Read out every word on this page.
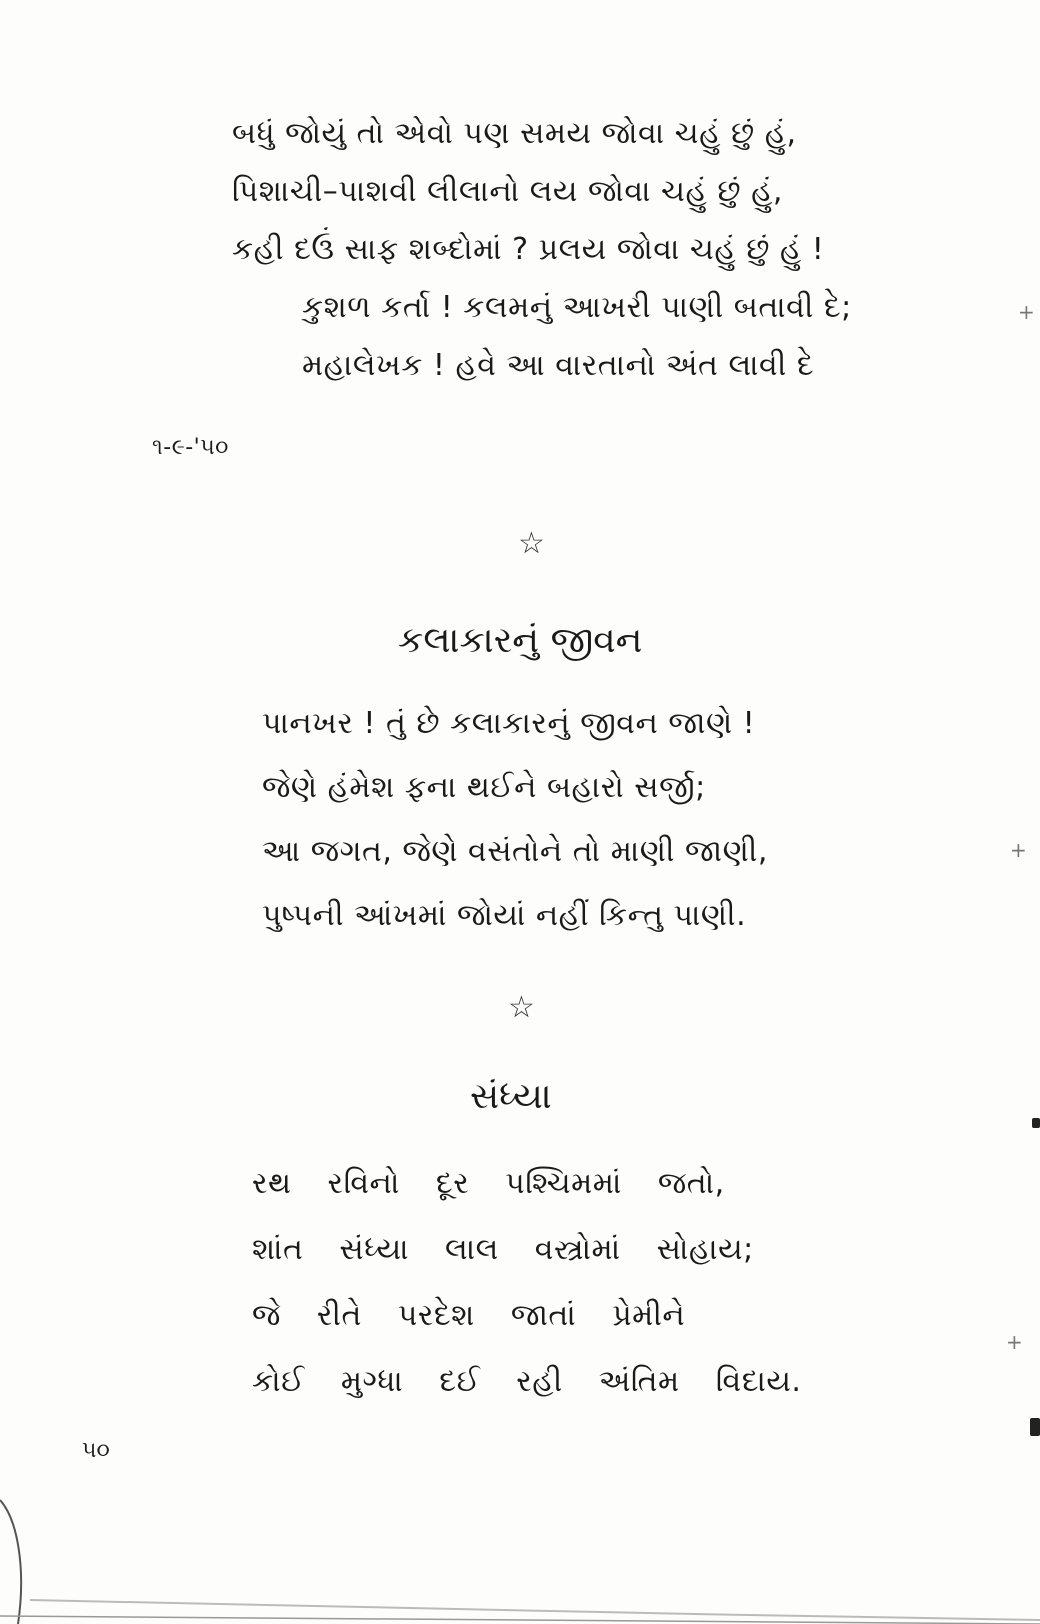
બધું જોયું તો એવો પણ સમય જોવા ચહું છું હું,
પિશાચી–પાશવી લીલાનો લય જોવા ચહું છું હું,
કહી દઉં સાફ શબ્દોમાં ? પ્રલય જોવા ચહું છું હું !
કુશળ કર્તા ! કલમનું આખરી પાણી બતાવી દે;
મહાલેખક ! હવે આ વારતાનો અંત લાવી દે
૧-૯-'૫૦
☆
કલાકારનું જીવન
પાનખર ! તું છે કલાકારનું જીવન જાણે !
જેણે હંમેશ ફના થઈને બહારો સર્જી;
આ જગત, જેણે વસંતોને તો માણી જાણી,
પુષ્પની આંખમાં જોયાં નહીં કિન્તુ પાણી.
☆
સંધ્યા
રથ રવિનો દૂર પશ્ચિમમાં જતો,
શાંત સંધ્યા લાલ વસ્ત્રોમાં સોહાય;
જે રીતે પરદેશ જાતાં પ્રેમીને
કોઈ મુગ્ધા દઈ રહી અંતિમ વિદાય.
૫૦
+
+
+
